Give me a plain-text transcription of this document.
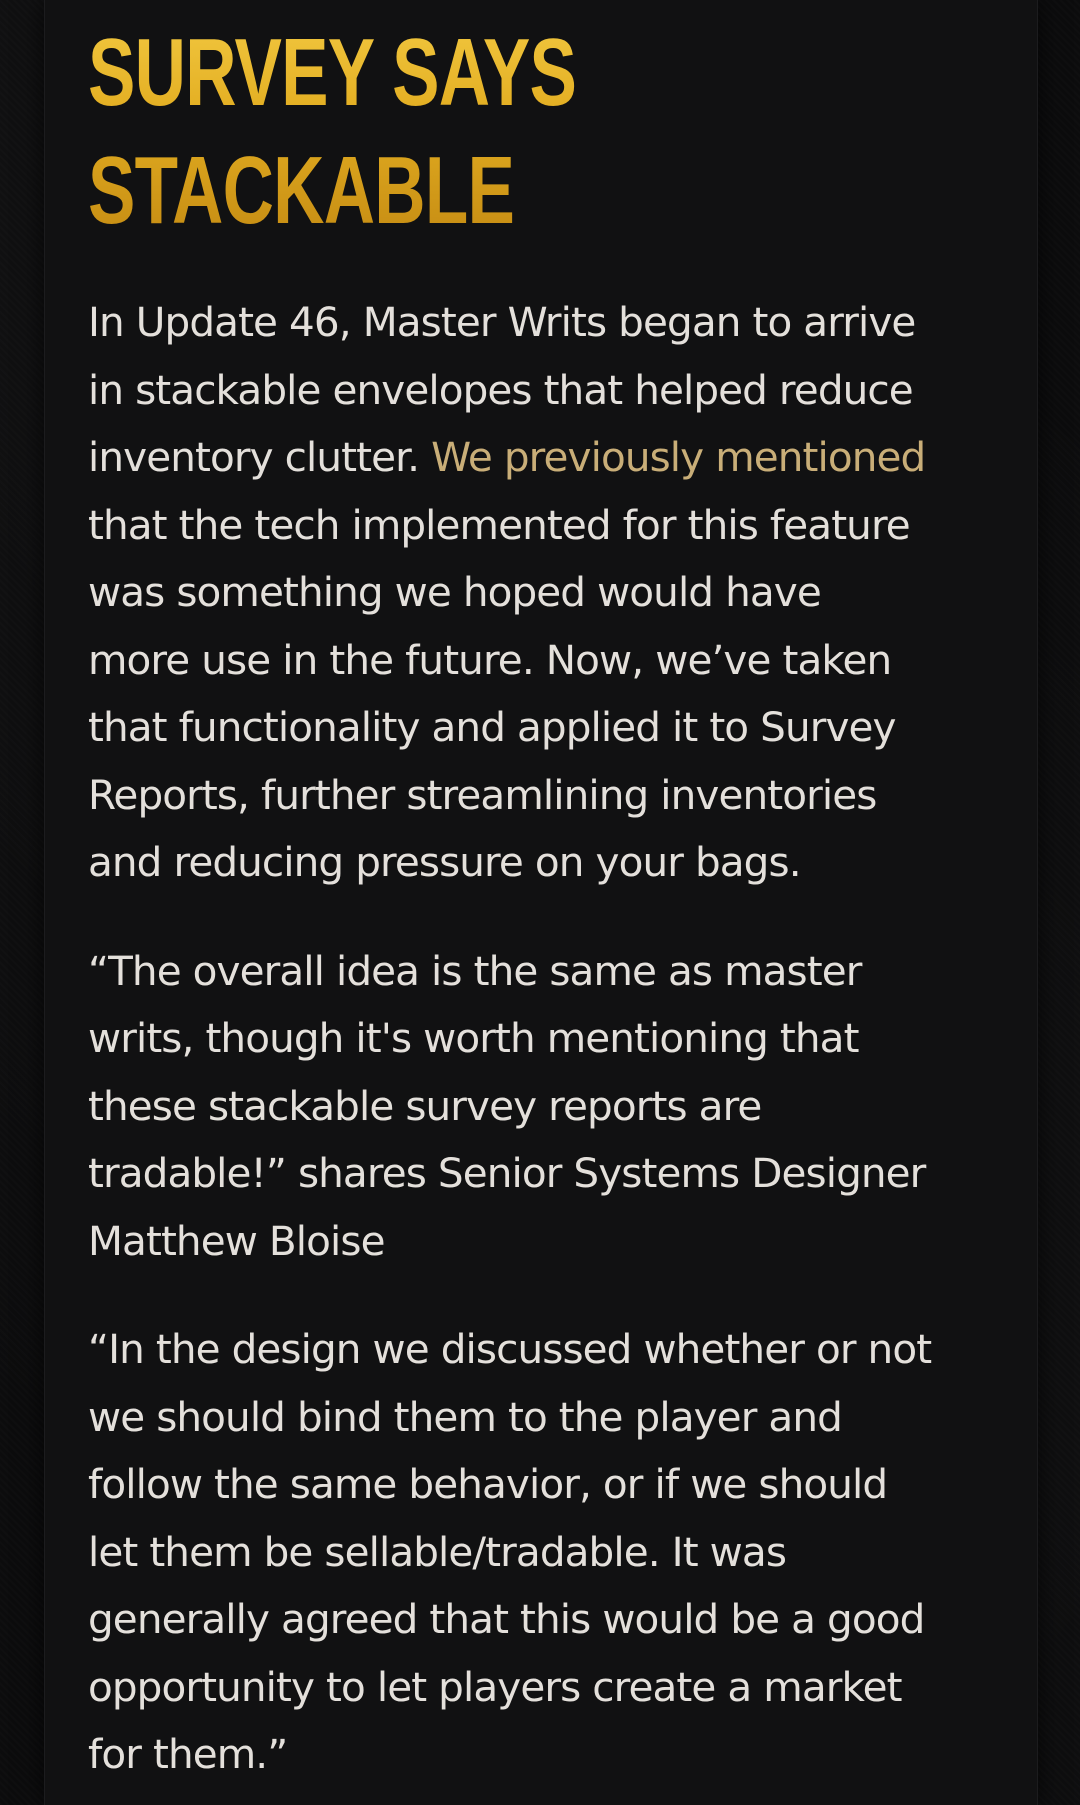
SURVEY SAYS
STACKABLE

In Update 46, Master Writs began to arrive
in stackable envelopes that helped reduce
inventory clutter. We previously mentioned
that the tech implemented for this feature
was something we hoped would have
more use in the future. Now, we’ve taken
that functionality and applied it to Survey
Reports, further streamlining inventories
and reducing pressure on your bags.

“The overall idea is the same as master
writs, though it's worth mentioning that
these stackable survey reports are
tradable!” shares Senior Systems Designer
Matthew Bloise

“In the design we discussed whether or not
we should bind them to the player and
follow the same behavior, or if we should
let them be sellable/tradable. It was
generally agreed that this would be a good
opportunity to let players create a market
for them.”
